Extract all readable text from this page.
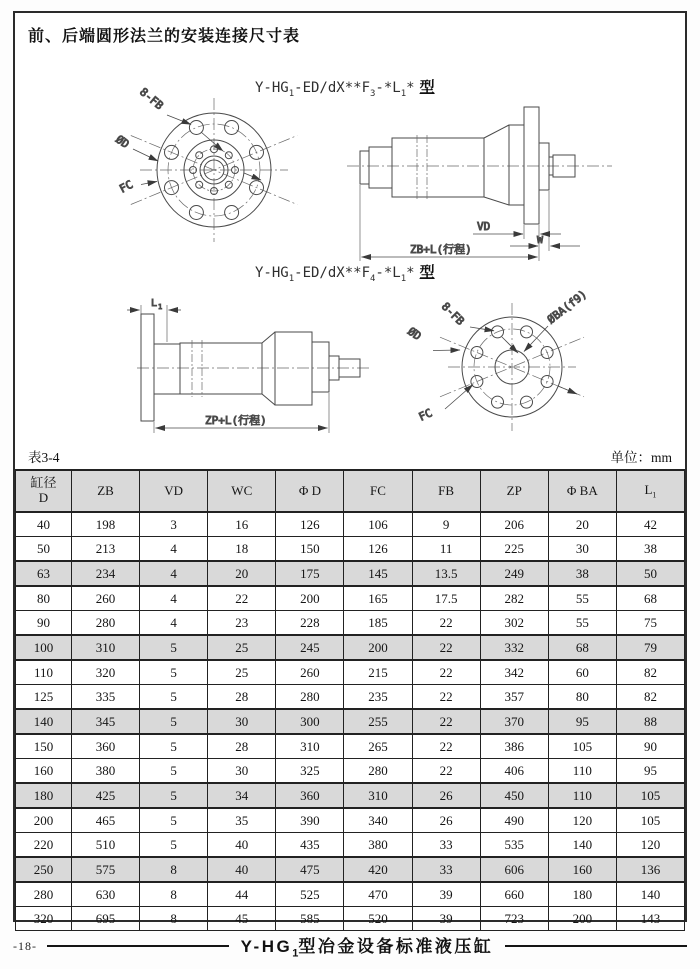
前、后端圆形法兰的安装连接尺寸表
$Y-HG_1-ED/dX**F_3-*L_1*$ 型
$Y-HG_1-ED/dX**F_4-*L_1*$ 型
8-FB
ØD
FC
VD
W
ZB+L(行程)
L 1
ZP+L(行程)
8-FB
ØD
ØBA(f9)
FC
表3-4	单位：mm
缸径
D	ZB	VD	WC	Φ D	FC	FB	ZP	Φ BA	$L_1$
40	198	3	16	126	106	9	206	20	42
50	213	4	18	150	126	11	225	30	38
63	234	4	20	175	145	13.5	249	38	50
80	260	4	22	200	165	17.5	282	55	68
90	280	4	23	228	185	22	302	55	75
100	310	5	25	245	200	22	332	68	79
110	320	5	25	260	215	22	342	60	82
125	335	5	28	280	235	22	357	80	82
140	345	5	30	300	255	22	370	95	88
150	360	5	28	310	265	22	386	105	90
160	380	5	30	325	280	22	406	110	95
180	425	5	34	360	310	26	450	110	105
200	465	5	35	390	340	26	490	120	105
220	510	5	40	435	380	33	535	140	120
250	575	8	40	475	420	33	606	160	136
280	630	8	44	525	470	39	660	180	140
320	695	8	45	585	520	39	723	200	143
-18-	$Y-HG_1$型冶金设备标准液压缸
